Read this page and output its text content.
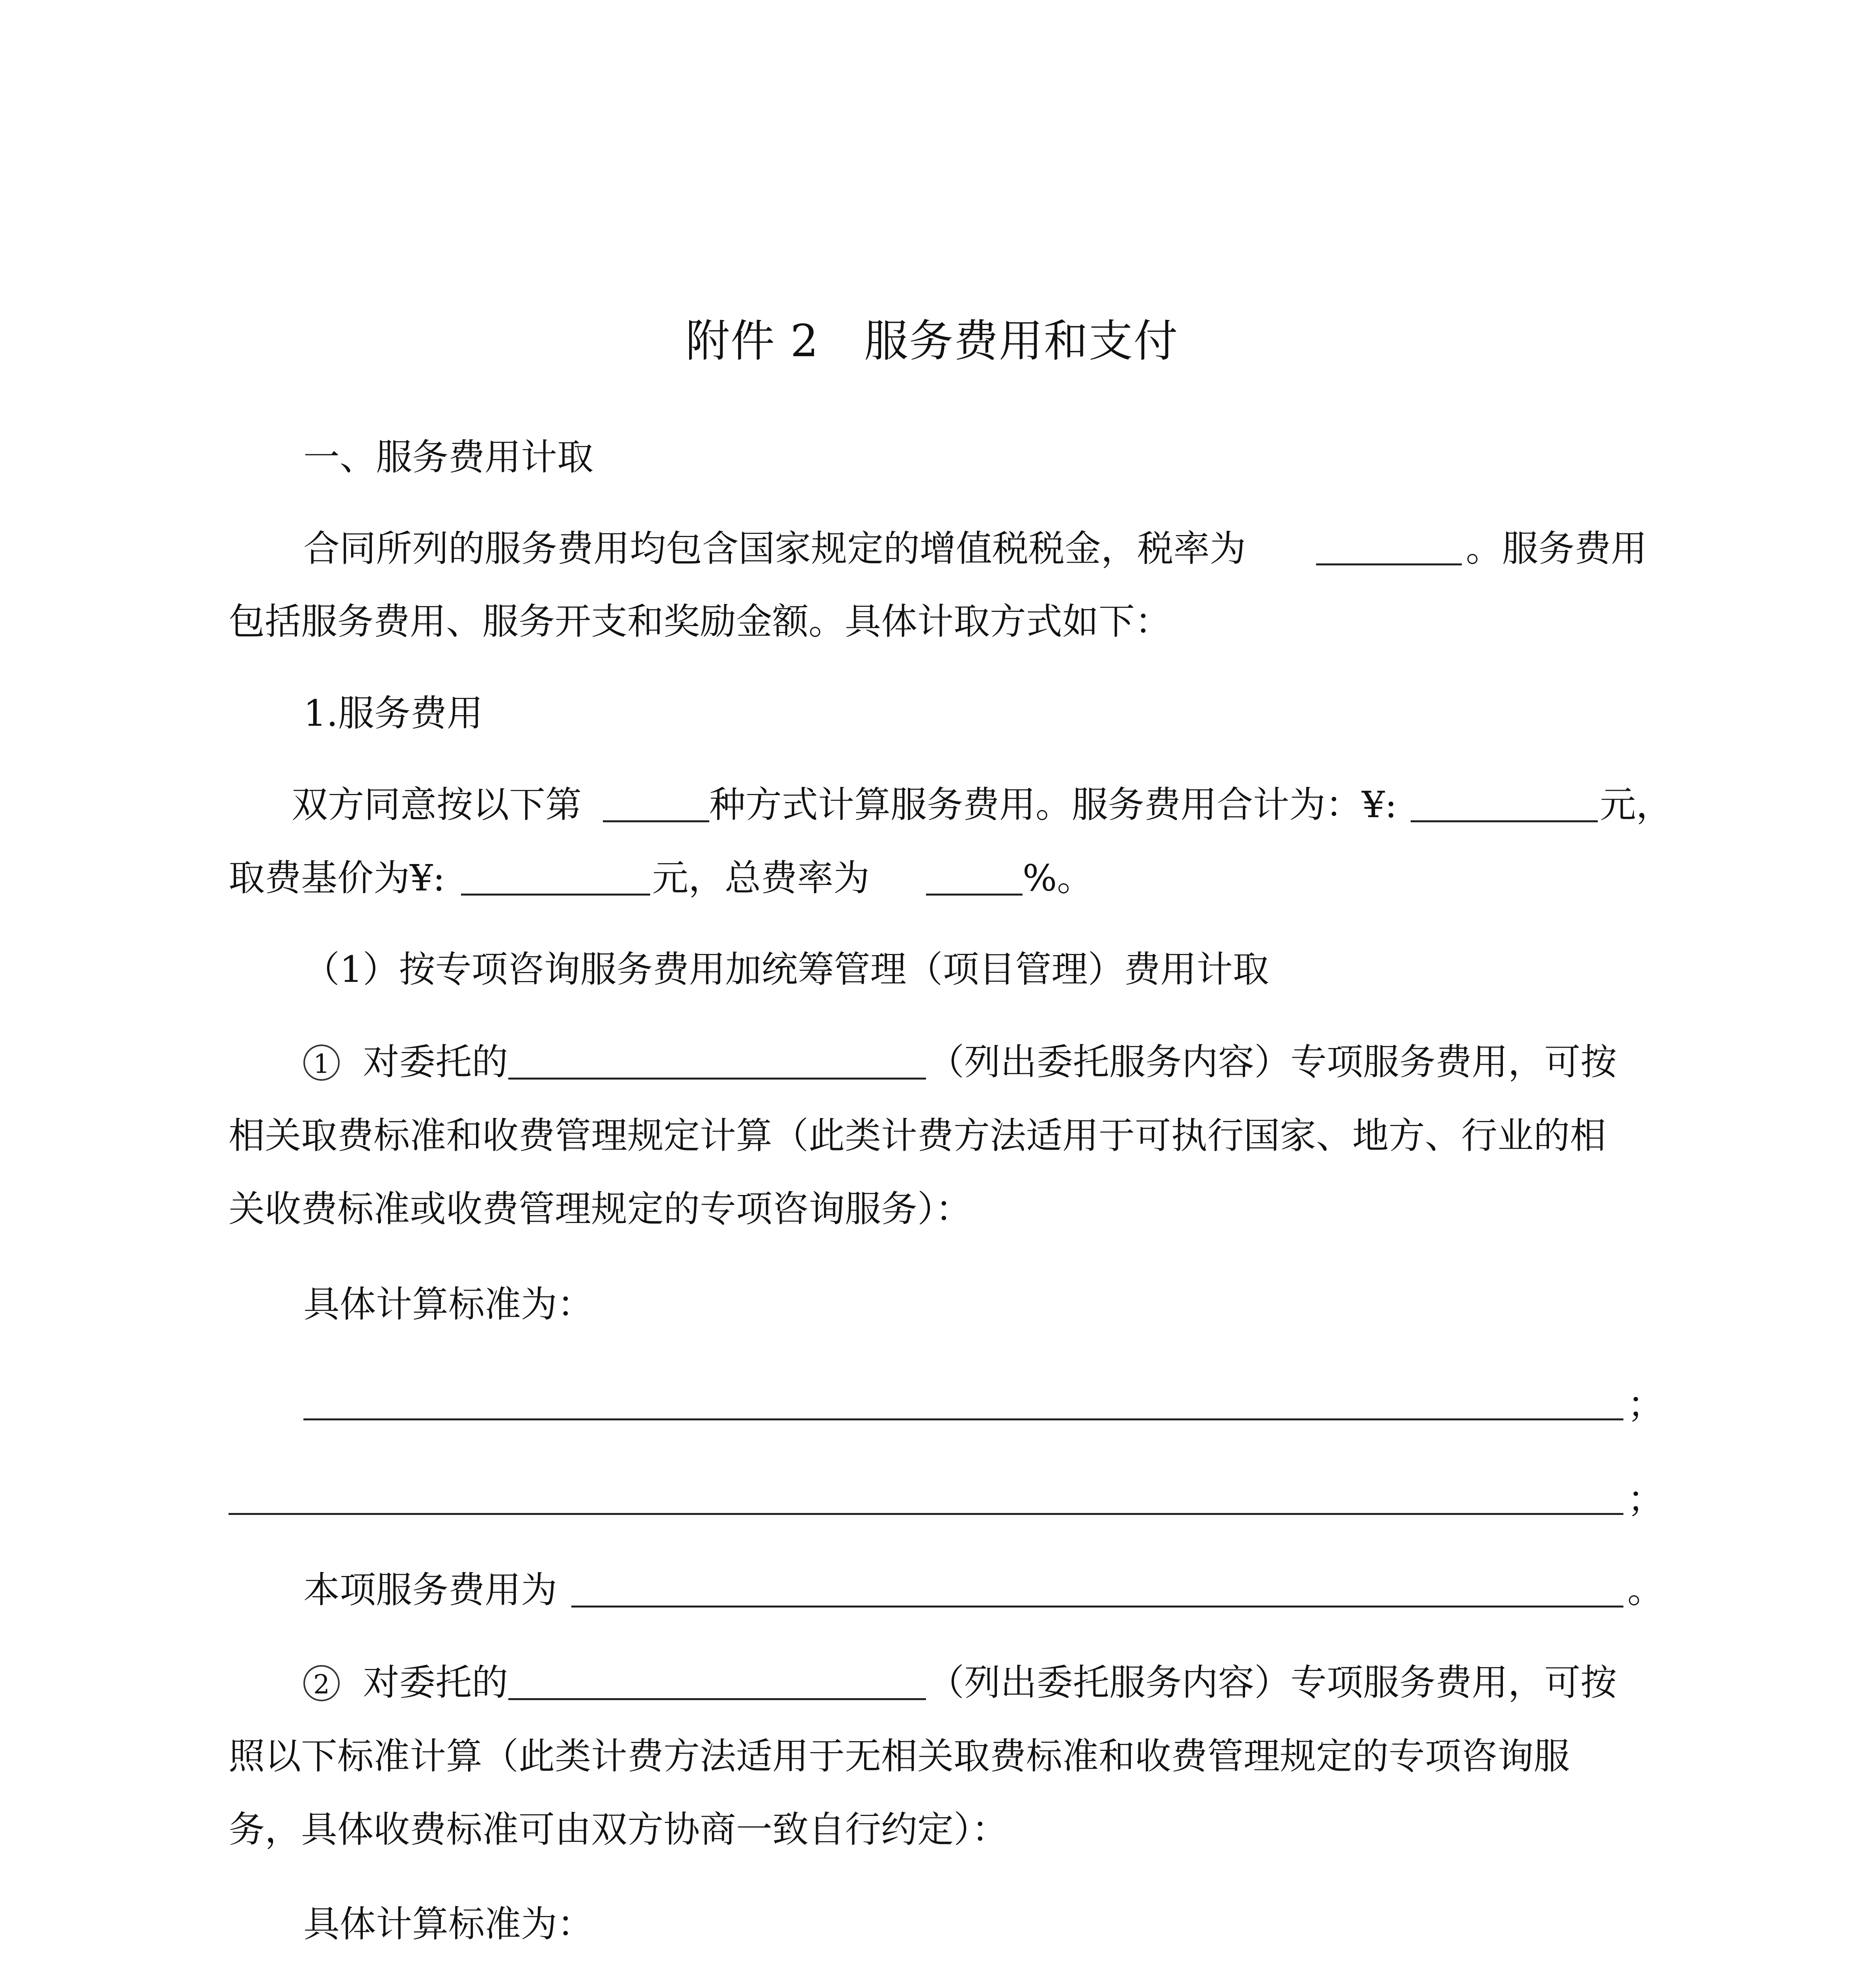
附件 2　服务费用和支付
一、服务费用计取
合同所列的服务费用均包含国家规定的增值税税金，税率为	。服务费用
包括服务费用、服务开支和奖励金额。具体计取方式如下：
1.服务费用
双方同意按以下第	种方式计算服务费用。服务费用合计为：¥:	元，
取费基价为¥:	元，总费率为	%。
（1）按专项咨询服务费用加统筹管理（项目管理）费用计取
1 对委托的	（列出委托服务内容）专项服务费用，可按
相关取费标准和收费管理规定计算（此类计费方法适用于可执行国家、地方、行业的相
关收费标准或收费管理规定的专项咨询服务）：
具体计算标准为：
；
；
本项服务费用为	。
2 对委托的	（列出委托服务内容）专项服务费用，可按
照以下标准计算（此类计费方法适用于无相关取费标准和收费管理规定的专项咨询服
务，具体收费标准可由双方协商一致自行约定）：
具体计算标准为：
